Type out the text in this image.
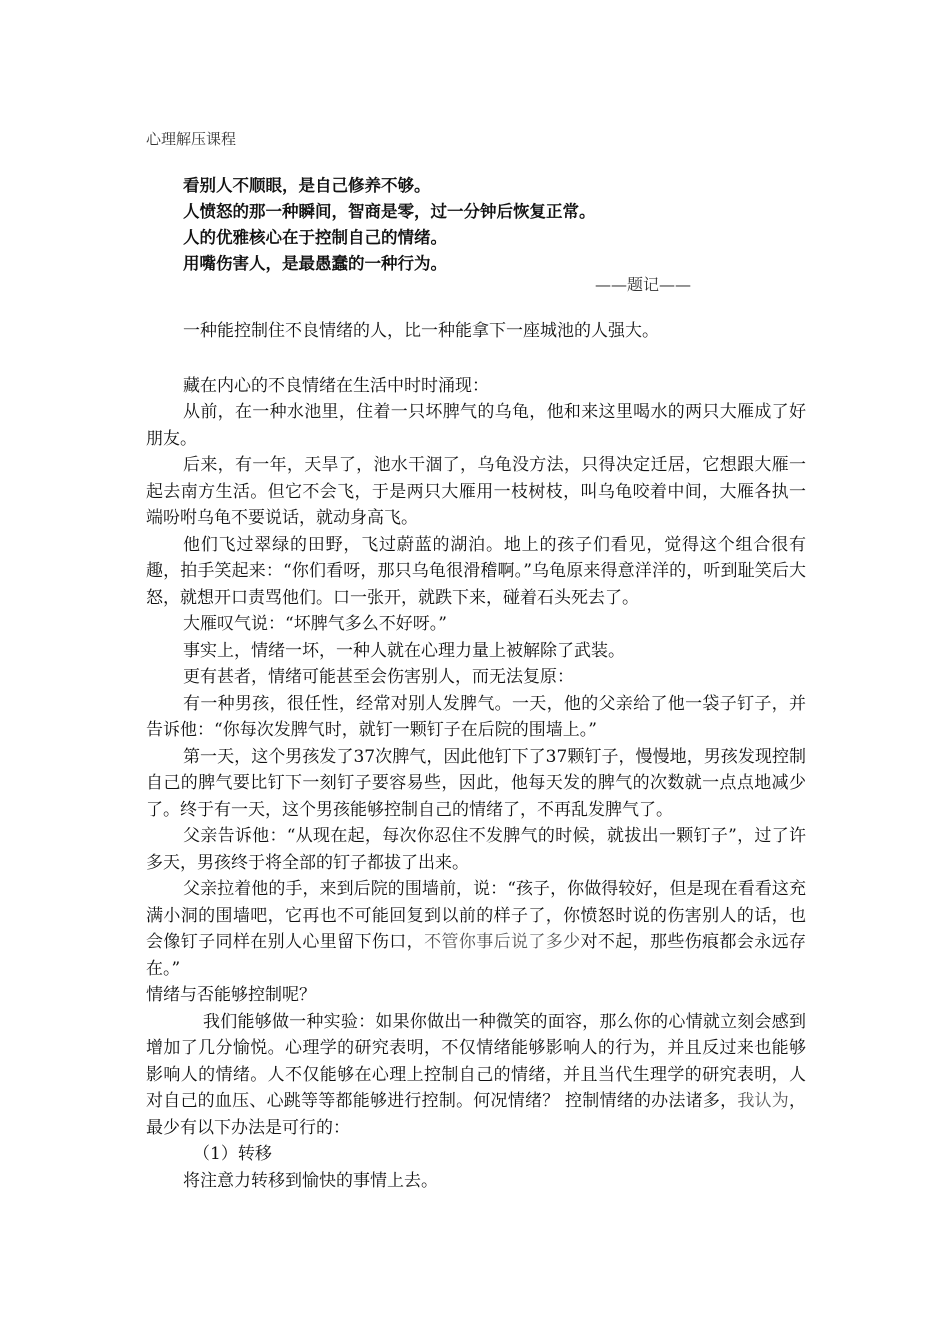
心理解压课程
看别人不顺眼，是自己修养不够。
人愤怒的那一种瞬间，智商是零，过一分钟后恢复正常。
人的优雅核心在于控制自己的情绪。
用嘴伤害人，是最愚蠢的一种行为。
——题记——

一种能控制住不良情绪的人，比一种能拿下一座城池的人强大。

藏在内心的不良情绪在生活中时时涌现：

从前，在一种水池里，住着一只坏脾气的乌龟，他和来这里喝水的两只大雁成了好朋友。

后来，有一年，天旱了，池水干涸了，乌龟没方法，只得决定迁居，它想跟大雁一起去南方生活。但它不会飞，于是两只大雁用一枝树枝，叫乌龟咬着中间，大雁各执一端吩咐乌龟不要说话，就动身高飞。

他们飞过翠绿的田野，飞过蔚蓝的湖泊。地上的孩子们看见，觉得这个组合很有趣，拍手笑起来：“你们看呀，那只乌龟很滑稽啊。”乌龟原来得意洋洋的，听到耻笑后大怒，就想开口责骂他们。口一张开，就跌下来，碰着石头死去了。

大雁叹气说：“坏脾气多么不好呀。”

事实上，情绪一坏，一种人就在心理力量上被解除了武装。

更有甚者，情绪可能甚至会伤害别人，而无法复原：

有一种男孩，很任性，经常对别人发脾气。一天，他的父亲给了他一袋子钉子，并告诉他：“你每次发脾气时，就钉一颗钉子在后院的围墙上。”

第一天，这个男孩发了37次脾气，因此他钉下了37颗钉子，慢慢地，男孩发现控制自己的脾气要比钉下一刻钉子要容易些，因此，他每天发的脾气的次数就一点点地减少了。终于有一天，这个男孩能够控制自己的情绪了，不再乱发脾气了。

父亲告诉他：“从现在起，每次你忍住不发脾气的时候，就拔出一颗钉子”，过了许多天，男孩终于将全部的钉子都拔了出来。

父亲拉着他的手，来到后院的围墙前，说：“孩子，你做得较好，但是现在看看这充满小洞的围墙吧，它再也不可能回复到以前的样子了，你愤怒时说的伤害别人的话，也会像钉子同样在别人心里留下伤口，不管你事后说了多少对不起，那些伤痕都会永远存在。”

情绪与否能够控制呢？

我们能够做一种实验：如果你做出一种微笑的面容，那么你的心情就立刻会感到增加了几分愉悦。心理学的研究表明，不仅情绪能够影响人的行为，并且反过来也能够影响人的情绪。人不仅能够在心理上控制自己的情绪，并且当代生理学的研究表明，人对自己的血压、心跳等等都能够进行控制。何况情绪？ 控制情绪的办法诸多，我认为，最少有以下办法是可行的：

（1）转移

将注意力转移到愉快的事情上去。
